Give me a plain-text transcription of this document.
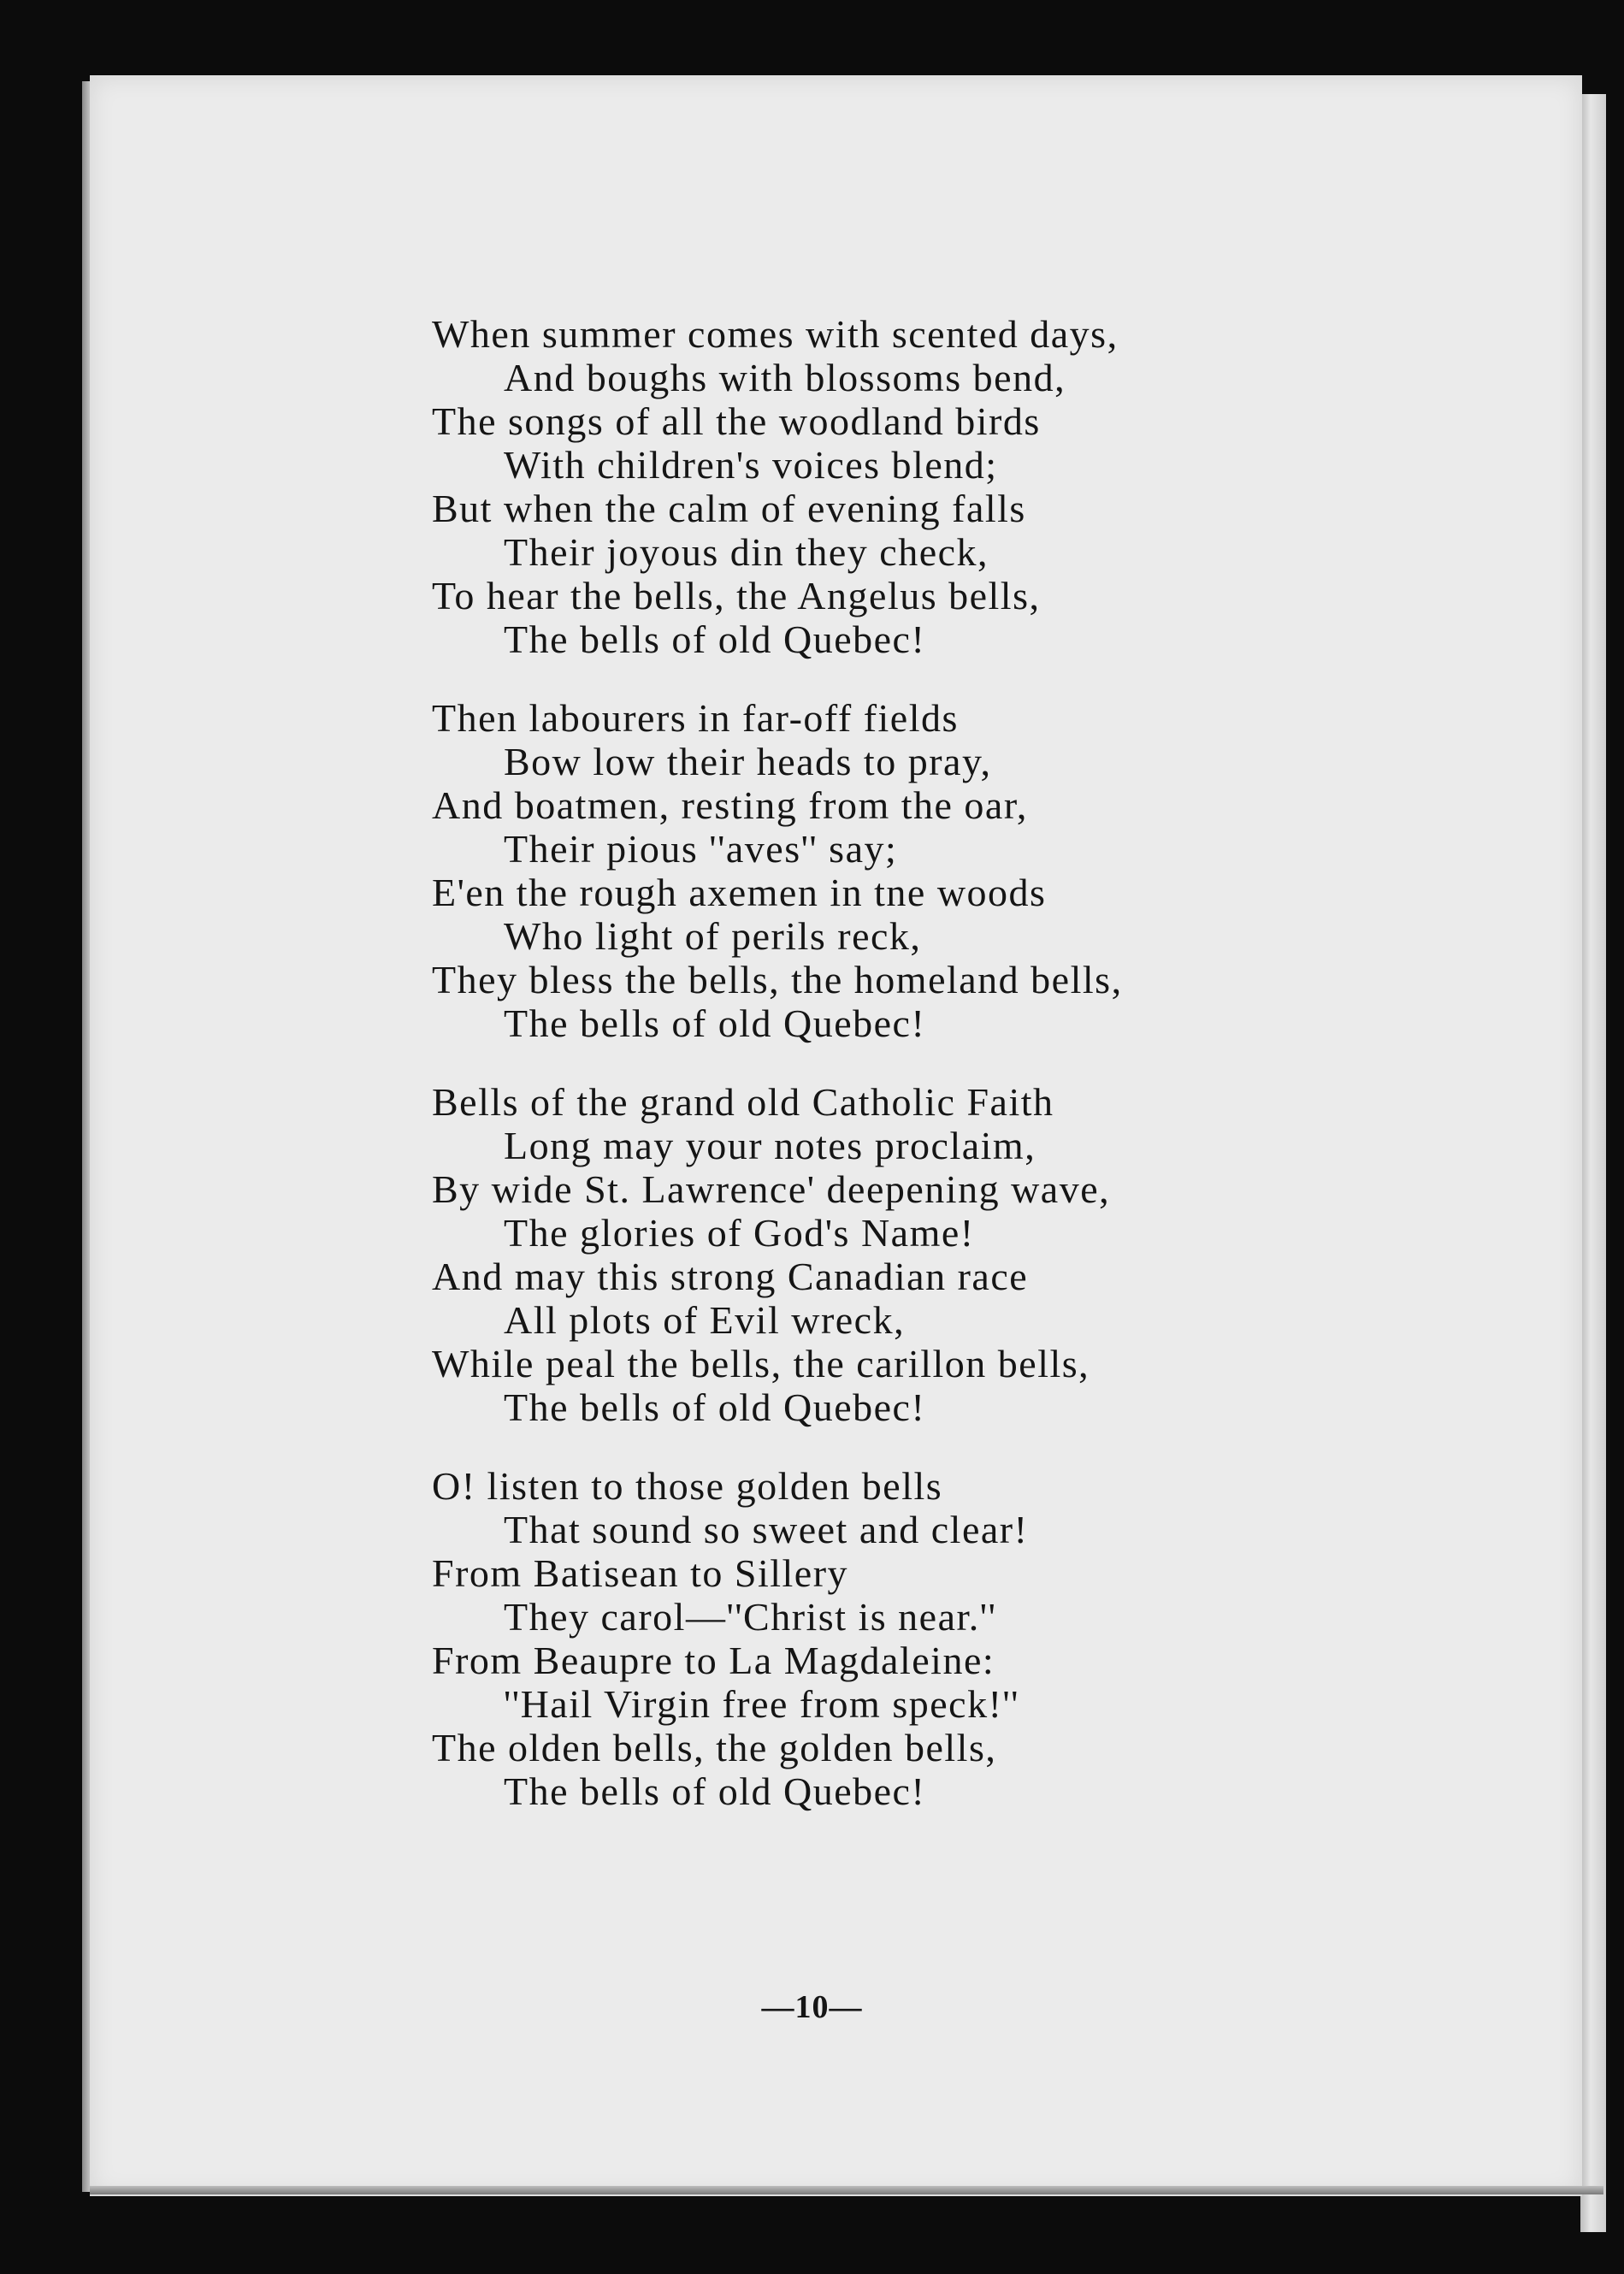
When summer comes with scented days,
And boughs with blossoms bend,
The songs of all the woodland birds
With children's voices blend;
But when the calm of evening falls
Their joyous din they check,
To hear the bells, the Angelus bells,
The bells of old Quebec!
Then labourers in far-off fields
Bow low their heads to pray,
And boatmen, resting from the oar,
Their pious ''aves'' say;
E'en the rough axemen in tne woods
Who light of perils reck,
They bless the bells, the homeland bells,
The bells of old Quebec!
Bells of the grand old Catholic Faith
Long may your notes proclaim,
By wide St. Lawrence' deepening wave,
The glories of God's Name!
And may this strong Canadian race
All plots of Evil wreck,
While peal the bells, the carillon bells,
The bells of old Quebec!
O! listen to those golden bells
That sound so sweet and clear!
From Batisean to Sillery
They carol—''Christ is near.''
From Beaupre to La Magdaleine:
''Hail Virgin free from speck!''
The olden bells, the golden bells,
The bells of old Quebec!
—10—
